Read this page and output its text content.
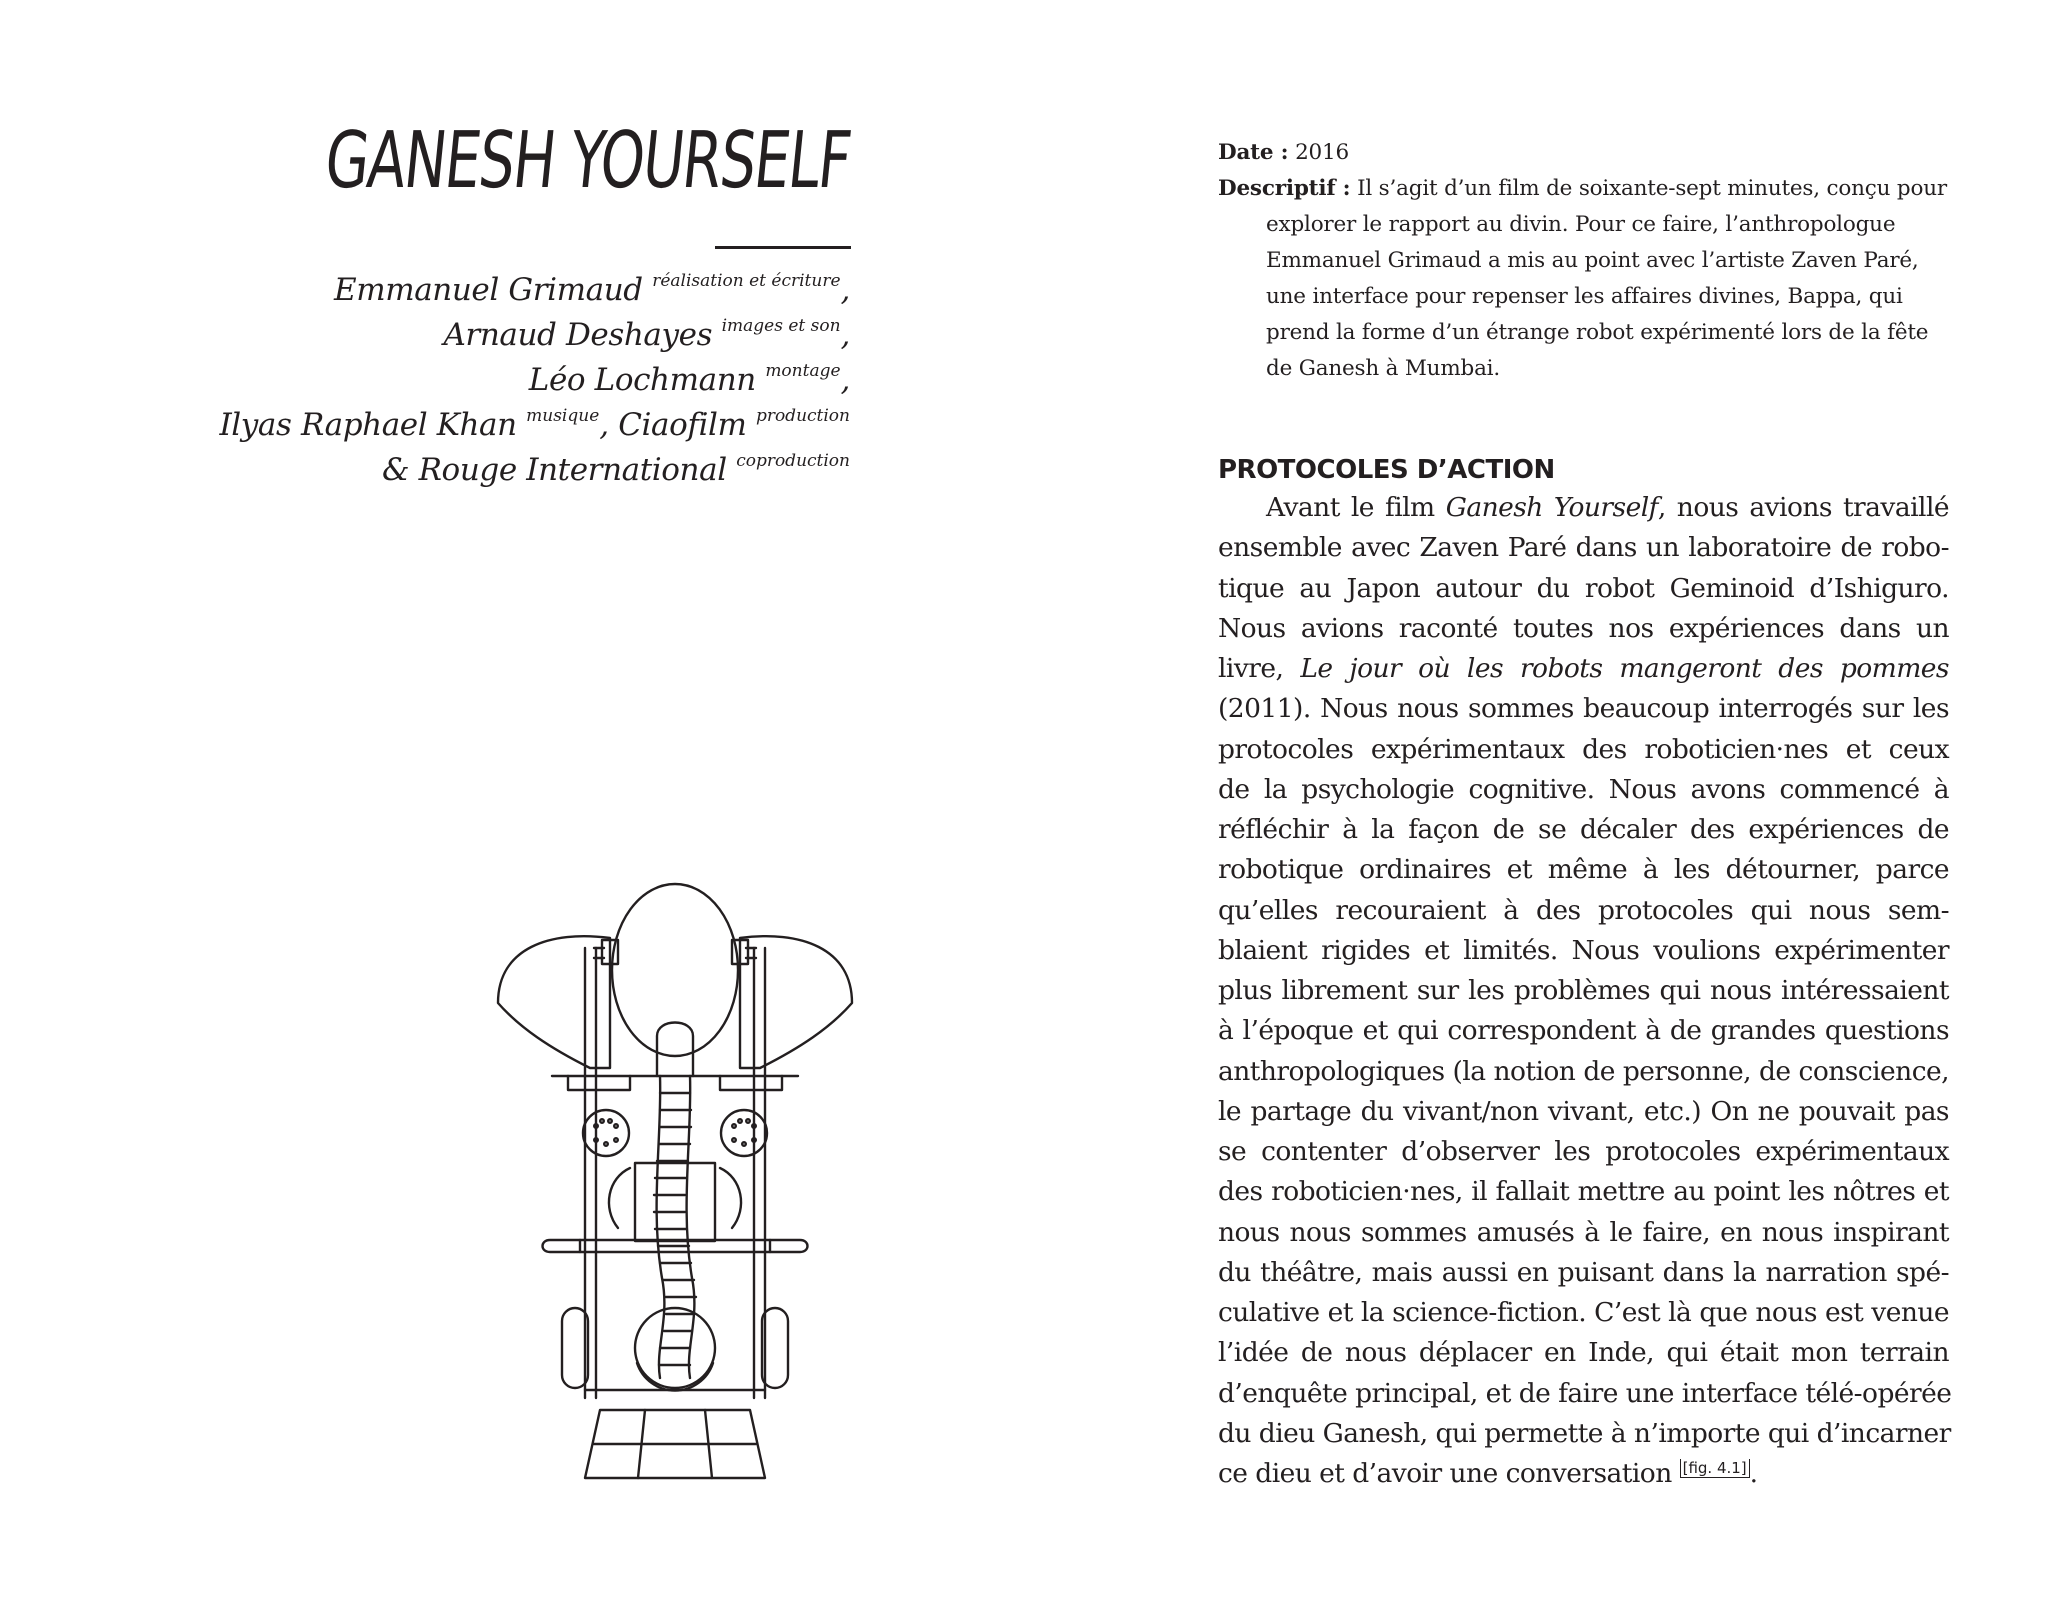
GANESH YOURSELF
Emmanuel Grimaud $^{réalisation et écriture}$,
Arnaud Deshayes $^{images et son}$,
Léo Lochmann $^{montage}$,
Ilyas Raphael Khan $^{musique}$, Ciaofilm $^{production}$
& Rouge International $^{coproduction}$

Date : 2016

Descriptif : Il s’agit d’un film de soixante-sept minutes, conçu pour explorer le rapport au divin. Pour ce faire, l’anthropologue Emmanuel Grimaud a mis au point avec l’artiste Zaven Paré, une interface pour repenser les affaires divines, Bappa, qui prend la forme d’un étrange robot expérimenté lors de la fête de Ganesh à Mumbai.

PROTOCOLES D’ACTION
Avant le film Ganesh Yourself, nous avions travaillé
ensemble avec Zaven Paré dans un laboratoire de robo-
tique au Japon autour du robot Geminoid d’Ishiguro.
Nous avions raconté toutes nos expériences dans un
livre, Le jour où les robots mangeront des pommes
(2011). Nous nous sommes beaucoup interrogés sur les
protocoles expérimentaux des roboticien·nes et ceux
de la psychologie cognitive. Nous avons commencé à
réfléchir à la façon de se décaler des expériences de
robotique ordinaires et même à les détourner, parce
qu’elles recouraient à des protocoles qui nous sem-
blaient rigides et limités. Nous voulions expérimenter
plus librement sur les problèmes qui nous intéressaient
à l’époque et qui correspondent à de grandes questions
anthropologiques (la notion de personne, de conscience,
le partage du vivant/non vivant, etc.) On ne pouvait pas
se contenter d’observer les protocoles expérimentaux
des roboticien·nes, il fallait mettre au point les nôtres et
nous nous sommes amusés à le faire, en nous inspirant
du théâtre, mais aussi en puisant dans la narration spé-
culative et la science-fiction. C’est là que nous est venue
l’idée de nous déplacer en Inde, qui était mon terrain
d’enquête principal, et de faire une interface télé-opérée
du dieu Ganesh, qui permette à n’importe qui d’incarner
ce dieu et d’avoir une conversation [fig. 4.1] .
